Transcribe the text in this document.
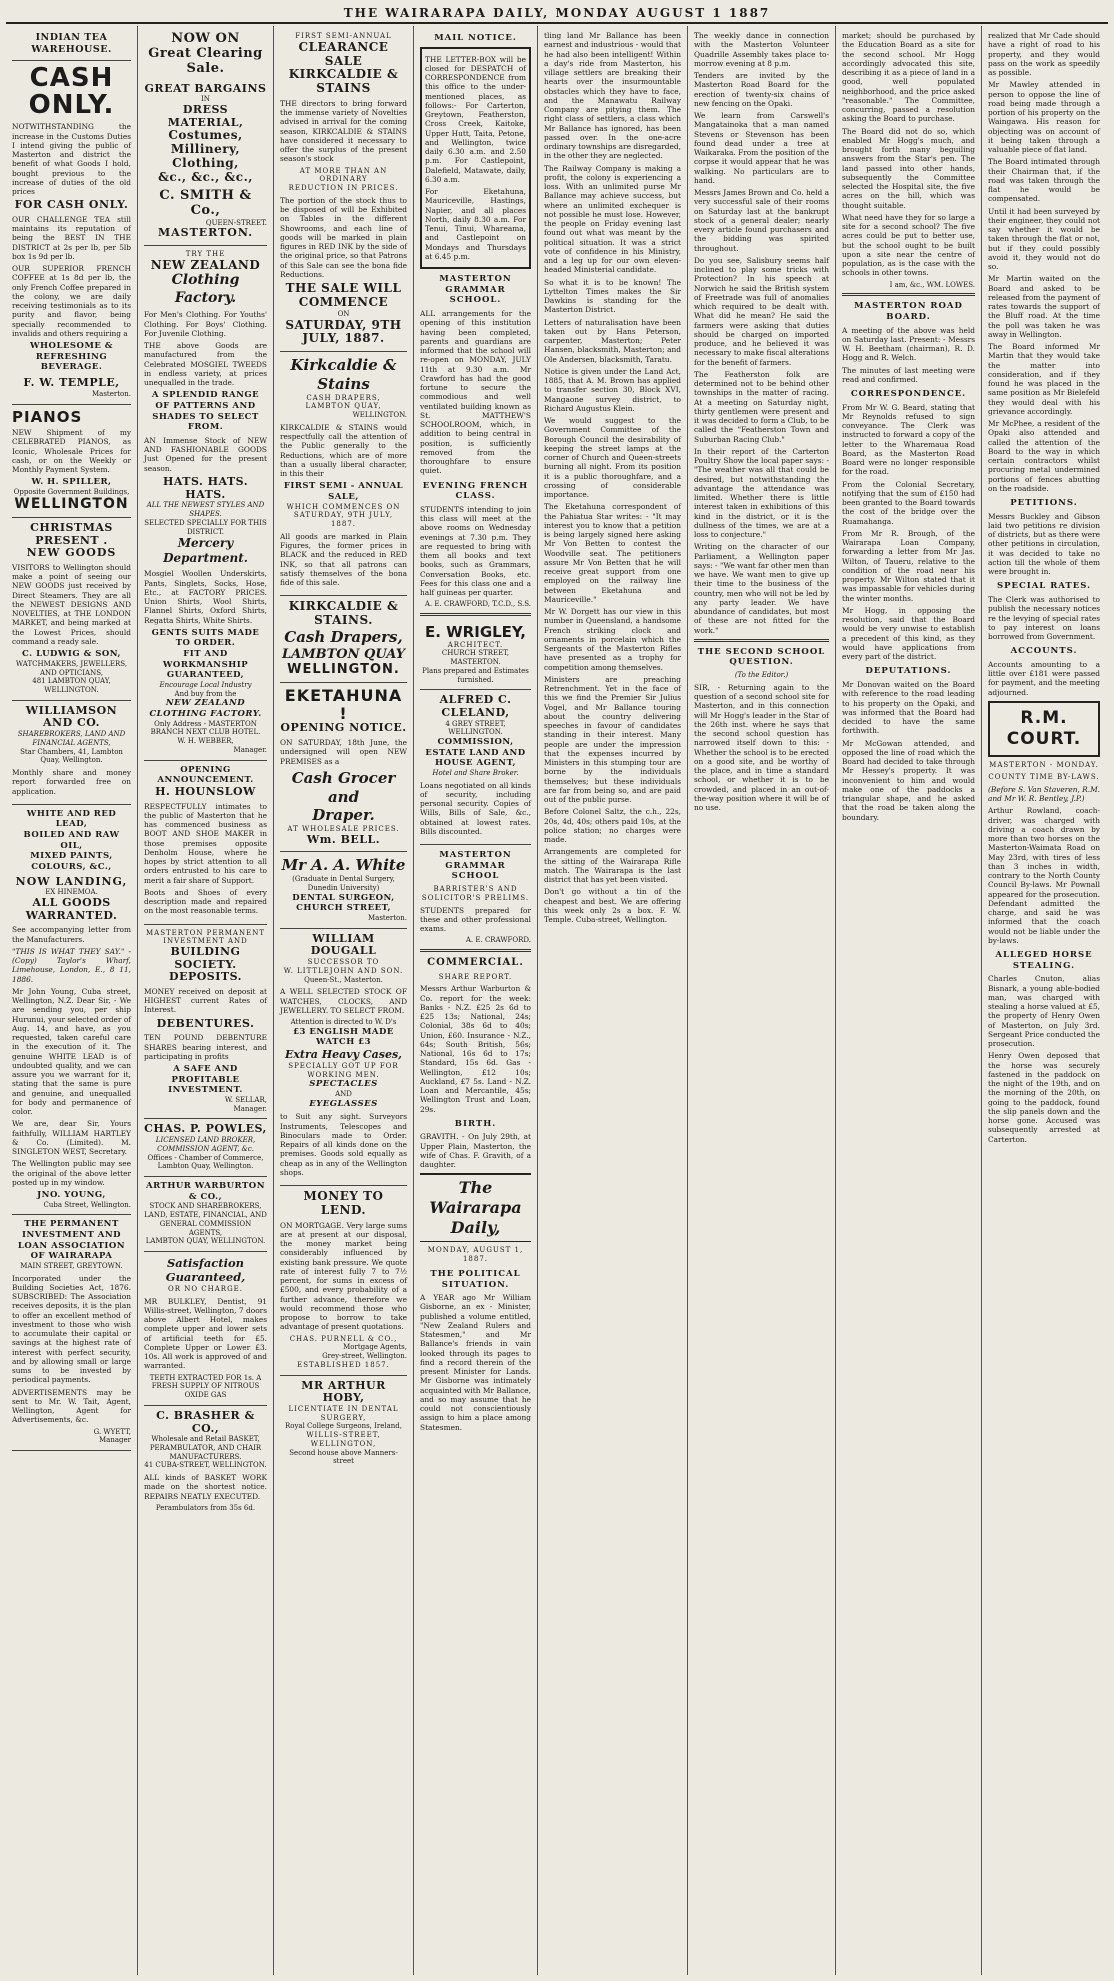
THE WAIRARAPA DAILY, MONDAY AUGUST 1 1887
INDIAN TEA WAREHOUSE.
CASH ONLY.
NOTWITHSTANDING the increase in the Customs Duties I intend giving the public of Masterton and district the benefit of what Goods I hold, bought previous to the increase of duties of the old prices
FOR CASH ONLY.
OUR CHALLENGE TEA still maintains its reputation of being the BEST IN THE DISTRICT at 2s per lb, per 5lb box 1s 9d per lb.
OUR SUPERIOR FRENCH COFFEE at 1s 8d per lb, the only French Coffee prepared in the colony, we are daily receiving testimonials as to its purity and flavor, being specially recommended to invalids and others requiring a
WHOLESOME & REFRESHING BEVERAGE.
F. W. TEMPLE,
Masterton.
PIANOS
NEW Shipment of my CELEBRATED PIANOS, as Iconic, Wholesale Prices for cash, or on the Weekly or Monthly Payment System.
W. H. SPILLER,
Opposite Government Buildings,
WELLINGTON
CHRISTMAS PRESENT .
NEW GOODS
VISITORS to Wellington should make a point of seeing our NEW GOODS just received by Direct Steamers. They are all the NEWEST DESIGNS AND NOVELTIES, at THE LONDON MARKET, and being marked at the Lowest Prices, should command a ready sale.
C. LUDWIG & SON,
WATCHMAKERS, JEWELLERS, AND OPTICIANS,
481 LAMBTON QUAY, WELLINGTON.
WILLIAMSON AND CO.
SHAREBROKERS, LAND AND FINANCIAL AGENTS,
Star Chambers, 41, Lambton Quay, Wellington.
Monthly share and money report forwarded free on application.
WHITE AND RED LEAD,
BOILED AND RAW OIL,
MIXED PAINTS, COLOURS, &C.,
NOW LANDING,
EX HINEMOA.
ALL GOODS WARRANTED.
See accompanying letter from the Manufacturers.
"THIS IS WHAT THEY SAY." - (Copy) Taylor's Wharf, Limehouse, London, E., 8 11, 1886.
Mr John Young, Cuba street, Wellington, N.Z. Dear Sir, - We are sending you, per ship Hurunui, your selected order of Aug. 14, and have, as you requested, taken careful care in the execution of it. The genuine WHITE LEAD is of undoubted quality, and we can assure you we warrant for it, stating that the same is pure and genuine, and unequalled for body and permanence of color.
We are, dear Sir, Yours faithfully, WILLIAM HARTLEY & Co. (Limited). M. SINGLETON WEST, Secretary.
The Wellington public may see the original of the above letter posted up in my window.
JNO. YOUNG,
Cuba Street, Wellington.
THE PERMANENT INVESTMENT AND LOAN ASSOCIATION OF WAIRARAPA
MAIN STREET, GREYTOWN.
Incorporated under the Building Societies Act, 1876. SUBSCRIBED: The Association receives deposits, it is the plan to offer an excellent method of investment to those who wish to accumulate their capital or savings at the highest rate of interest with perfect security, and by allowing small or large sums to be invested by periodical payments.
ADVERTISEMENTS may be sent to Mr. W. Tait, Agent, Wellington, Agent for Advertisements, &c.
G. WYETT,
Manager
NOW ON
Great Clearing Sale.
GREAT BARGAINS
IN
DRESS MATERIAL,
Costumes,
Millinery,
Clothing,
&c., &c., &c.,
C. SMITH & Co.,
QUEEN-STREET.
MASTERTON.
TRY THE
NEW ZEALAND
Clothing Factory.
For Men's Clothing. For Youths' Clothing. For Boys' Clothing. For Juvenile Clothing.
THE above Goods are manufactured from the Celebrated MOSGIEL TWEEDS in endless variety, at prices unequalled in the trade.
A SPLENDID RANGE OF PATTERNS AND SHADES TO SELECT FROM.
AN Immense Stock of NEW AND FASHIONABLE GOODS Just Opened for the present season.
HATS. HATS. HATS.
ALL THE NEWEST STYLES AND SHAPES.
SELECTED SPECIALLY FOR THIS DISTRICT.
Mercery Department.
Mosgiel Woollen Underskirts, Pants, Singlets, Socks, Hose, Etc., at FACTORY PRICES. Union Shirts, Wool Shirts, Flannel Shirts, Oxford Shirts, Regatta Shirts, White Shirts.
GENTS SUITS MADE TO ORDER.
FIT AND WORKMANSHIP GUARANTEED,
Encourage Local Industry
And buy from the
NEW ZEALAND CLOTHING FACTORY.
Only Address - MASTERTON BRANCH NEXT CLUB HOTEL.
W. H. WEBBER,
Manager.
OPENING ANNOUNCEMENT.
H. HOUNSLOW
RESPECTFULLY intimates to the public of Masterton that he has commenced business as BOOT AND SHOE MAKER in those premises opposite Denholm House, where he hopes by strict attention to all orders entrusted to his care to merit a fair share of Support.
Boots and Shoes of every description made and repaired on the most reasonable terms.
MASTERTON PERMANENT INVESTMENT AND
BUILDING SOCIETY.
DEPOSITS.
MONEY received on deposit at HIGHEST current Rates of Interest.
DEBENTURES.
TEN POUND DEBENTURE SHARES bearing interest, and participating in profits
A SAFE AND PROFITABLE INVESTMENT.
W. SELLAR,
Manager.
CHAS. P. POWLES,
LICENSED LAND BROKER, COMMISSION AGENT, &c.
Offices - Chamber of Commerce, Lambton Quay, Wellington.
ARTHUR WARBURTON & CO.,
STOCK AND SHAREBROKERS, LAND, ESTATE, FINANCIAL, AND GENERAL COMMISSION AGENTS,
LAMBTON QUAY, WELLINGTON.
Satisfaction Guaranteed,
OR NO CHARGE.
MR BULKLEY, Dentist, 91 Willis-street, Wellington, 7 doors above Albert Hotel, makes complete upper and lower sets of artificial teeth for £5. Complete Upper or Lower £3. 10s. All work is approved of and warranted.
TEETH EXTRACTED FOR 1s. A FRESH SUPPLY OF NITROUS OXIDE GAS
C. BRASHER & CO.,
Wholesale and Retail BASKET, PERAMBULATOR, AND CHAIR MANUFACTURERS.
41 CUBA-STREET, WELLINGTON.
ALL kinds of BASKET WORK made on the shortest notice. REPAIRS NEATLY EXECUTED.
Perambulators from 35s 6d.
FIRST SEMI-ANNUAL
CLEARANCE SALE
KIRKCALDIE & STAINS
THE directors to bring forward the immense variety of Novelties advised in arrival for the coming season, KIRKCALDIE & STAINS have considered it necessary to offer the surplus of the present season's stock
AT MORE THAN AN ORDINARY
REDUCTION IN PRICES.
The portion of the stock thus to be disposed of will be Exhibited on Tables in the different Showrooms, and each line of goods will be marked in plain figures in RED INK by the side of the original price, so that Patrons of this Sale can see the bona fide Reductions.
THE SALE WILL COMMENCE
ON
SATURDAY, 9TH JULY, 1887.
Kirkcaldie & Stains
CASH DRAPERS,
LAMBTON QUAY,
WELLINGTON.
KIRKCALDIE & STAINS would respectfully call the attention of the Public generally to the Reductions, which are of more than a usually liberal character, in this their
FIRST SEMI - ANNUAL SALE,
WHICH COMMENCES ON
SATURDAY, 9TH JULY, 1887.
All goods are marked in Plain Figures, the former prices in BLACK and the reduced in RED INK, so that all patrons can satisfy themselves of the bona fide of this sale.
KIRKCALDIE & STAINS.
Cash Drapers,
LAMBTON QUAY
WELLINGTON.
EKETAHUNA !
OPENING NOTICE.
ON SATURDAY, 18th June, the undersigned will open NEW PREMISES as a
Cash Grocer and
Draper.
AT WHOLESALE PRICES.
Wm. BELL.
Mr A. A. White
(Graduate in Dental Surgery, Dunedin University)
DENTAL SURGEON,
CHURCH STREET,
Masterton.
WILLIAM DOUGALL
SUCCESSOR TO
W. LITTLEJOHN AND SON.
Queen-St., Masterton.
A WELL SELECTED STOCK OF WATCHES, CLOCKS, AND JEWELLERY. TO SELECT FROM.
Attention is directed to W. D's
£3 ENGLISH MADE WATCH £3
Extra Heavy Cases,
SPECIALLY GOT UP FOR WORKING MEN.
SPECTACLES
AND
EYEGLASSES
to Suit any sight. Surveyors Instruments, Telescopes and Binoculars made to Order. Repairs of all kinds done on the premises. Goods sold equally as cheap as in any of the Wellington shops.
MONEY TO LEND.
ON MORTGAGE. Very large sums are at present at our disposal, the money market being considerably influenced by existing bank pressure. We quote rate of interest fully 7 to 7½ percent, for sums in excess of £500, and every probability of a further advance, therefore we would recommend those who propose to borrow to take advantage of present quotations.
CHAS. PURNELL & CO.,
Mortgage Agents,
Grey-street, Wellington.
ESTABLISHED 1857.
MR ARTHUR HOBY,
LICENTIATE IN DENTAL SURGERY,
Royal College Surgeons, Ireland,
WILLIS-STREET, WELLINGTON,
Second house above Manners-street
MAIL NOTICE.
THE LETTER-BOX will be closed for DESPATCH of CORRESPONDENCE from this office to the under-mentioned places, as follows:- For Carterton, Greytown, Featherston, Cross Creek, Kaitoke, Upper Hutt, Taita, Petone, and Wellington, twice daily 6.30 a.m. and 2.50 p.m. For Castlepoint, Dalefield, Matawate, daily, 6.30 a.m.
For Eketahuna, Mauriceville, Hastings, Napier, and all places North, daily 8.30 a.m. For Tenui, Tinui, Whareama, and Castlepoint on Mondays and Thursdays at 6.45 p.m.
MASTERTON GRAMMAR SCHOOL.
ALL arrangements for the opening of this institution having been completed, parents and guardians are informed that the school will re-open on MONDAY, JULY 11th at 9.30 a.m. Mr Crawford has had the good fortune to secure the commodious and well ventilated building known as St. MATTHEW'S SCHOOLROOM, which, in addition to being central in position, is sufficiently removed from the thoroughfare to ensure quiet.
EVENING FRENCH CLASS.
STUDENTS intending to join this class will meet at the above rooms on Wednesday evenings at 7.30 p.m. They are requested to bring with them all books and text books, such as Grammars, Conversation Books, etc. Fees for this class one and a half guineas per quarter.
A. E. CRAWFORD, T.C.D., S.S.
E. WRIGLEY,
ARCHITECT.
CHURCH STREET, MASTERTON.
Plans prepared and Estimates furnished.
ALFRED C. CLELAND,
4 GREY STREET, WELLINGTON.
COMMISSION, ESTATE LAND AND HOUSE AGENT,
Hotel and Share Broker.
Loans negotiated on all kinds of security, including personal security. Copies of Wills, Bills of Sale, &c., obtained at lowest rates. Bills discounted.
MASTERTON GRAMMAR SCHOOL
BARRISTER'S AND SOLICITOR'S PRELIMS.
STUDENTS prepared for these and other professional exams.
A. E. CRAWFORD.
COMMERCIAL.
SHARE REPORT.
Messrs Arthur Warburton & Co. report for the week: Banks - N.Z. £25 2s 6d to £25 13s; National, 24s; Colonial, 38s 6d to 40s; Union, £60. Insurance - N.Z., 64s; South British, 56s; National, 16s 6d to 17s; Standard, 15s 6d. Gas - Wellington, £12 10s; Auckland, £7 5s. Land - N.Z. Loan and Mercantile, 45s; Wellington Trust and Loan, 29s.
BIRTH.
GRAVITH. - On July 29th, at Upper Plain, Masterton, the wife of Chas. F. Gravith, of a daughter.
The Wairarapa Daily,
MONDAY, AUGUST 1, 1887.
THE POLITICAL SITUATION.
A YEAR ago Mr William Gisborne, an ex - Minister, published a volume entitled, "New Zealand Rulers and Statesmen," and Mr Ballance's friends in vain looked through its pages to find a record therein of the present Minister for Lands. Mr Gisborne was intimately acquainted with Mr Ballance, and so may assume that he could not conscientiously assign to him a place among Statesmen.
tling land Mr Ballance has been earnest and industrious - would that he had also been intelligent! Within a day's ride from Masterton, his village settlers are breaking their hearts over the insurmountable obstacles which they have to face, and the Manawatu Railway Company are pitying them. The right class of settlers, a class which Mr Ballance has ignored, has been passed over. In the one-acre ordinary townships are disregarded, in the other they are neglected.
The Railway Company is making a profit, the colony is experiencing a loss. With an unlimited purse Mr Ballance may achieve success, but where an unlimited exchequer is not possible he must lose. However, the people on Friday evening last found out what was meant by the political situation. It was a strict vote of confidence in his Ministry, and a leg up for our own eleven-headed Ministerial candidate.
So what it is to be known! The Lyttelton Times makes the Sir Dawkins is standing for the Masterton District.
Letters of naturalisation have been taken out by Hans Peterson, carpenter, Masterton; Peter Hansen, blacksmith, Masterton; and Ole Andersen, blacksmith, Taratu.
Notice is given under the Land Act, 1885, that A. M. Brown has applied to transfer section 30, Block XVI, Mangaone survey district, to Richard Augustus Klein.
We would suggest to the Government Committee of the Borough Council the desirability of keeping the street lamps at the corner of Church and Queen-streets burning all night. From its position it is a public thoroughfare, and a crossing of considerable importance.
The Eketahuna correspondent of the Pahiatua Star writes: - "It may interest you to know that a petition is being largely signed here asking Mr Von Betten to contest the Woodville seat. The petitioners assure Mr Von Betten that he will receive great support from one employed on the railway line between Eketahuna and Mauriceville."
Mr W. Dorgett has our view in this number in Queensland, a handsome French striking clock and ornaments in porcelain which the Sergeants of the Masterton Rifles have presented as a trophy for competition among themselves.
Ministers are preaching Retrenchment. Yet in the face of this we find the Premier Sir Julius Vogel, and Mr Ballance touring about the country delivering speeches in favour of candidates standing in their interest. Many people are under the impression that the expenses incurred by Ministers in this stumping tour are borne by the individuals themselves; but these individuals are far from being so, and are paid out of the public purse.
Before Colonel Saltz, the c.h., 22s, 20s, 4d, 40s; others paid 10s, at the police station; no charges were made.
Arrangements are completed for the sitting of the Wairarapa Rifle match. The Wairarapa is the last district that has yet been visited.
Don't go without a tin of the cheapest and best. We are offering this week only 2s a box. F. W. Temple. Cuba-street, Wellington.
The weekly dance in connection with the Masterton Volunteer Quadrille Assembly takes place to-morrow evening at 8 p.m.
Tenders are invited by the Masterton Road Board for the erection of twenty-six chains of new fencing on the Opaki.
We learn from Carswell's Mangatainoka that a man named Stevens or Stevenson has been found dead under a tree at Waikaraka. From the position of the corpse it would appear that he was walking. No particulars are to hand.
Messrs James Brown and Co. held a very successful sale of their rooms on Saturday last at the bankrupt stock of a general dealer; nearly every article found purchasers and the bidding was spirited throughout.
Do you see, Salisbury seems half inclined to play some tricks with Protection? In his speech at Norwich he said the British system of Freetrade was full of anomalies which required to be dealt with. What did he mean? He said the farmers were asking that duties should be charged on imported produce, and he believed it was necessary to make fiscal alterations for the benefit of farmers.
The Featherston folk are determined not to be behind other townships in the matter of racing. At a meeting on Saturday night, thirty gentlemen were present and it was decided to form a Club, to be called the "Featherston Town and Suburban Racing Club."
In their report of the Carterton Poultry Show the local paper says: - "The weather was all that could be desired, but notwithstanding the advantage the attendance was limited. Whether there is little interest taken in exhibitions of this kind in the district, or it is the dullness of the times, we are at a loss to conjecture."
Writing on the character of our Parliament, a Wellington paper says: - "We want far other men than we have. We want men to give up their time to the business of the country, men who will not be led by any party leader. We have abundance of candidates, but most of these are not fitted for the work."
THE SECOND SCHOOL QUESTION.
(To the Editor.)
SIR, - Returning again to the question of a second school site for Masterton, and in this connection will Mr Hogg's leader in the Star of the 26th inst. where he says that the second school question has narrowed itself down to this: - Whether the school is to be erected on a good site, and be worthy of the place, and in time a standard school, or whether it is to be crowded, and placed in an out-of-the-way position where it will be of no use.
market; should be purchased by the Education Board as a site for the second school. Mr Hogg accordingly advocated this site, describing it as a piece of land in a good, well populated neighborhood, and the price asked "reasonable." The Committee, concurring, passed a resolution asking the Board to purchase.
The Board did not do so, which enabled Mr Hogg's much, and brought forth many beguiling answers from the Star's pen. The land passed into other hands, subsequently the Committee selected the Hospital site, the five acres on the hill, which was thought suitable.
What need have they for so large a site for a second school? The five acres could be put to better use, but the school ought to be built upon a site near the centre of population, as is the case with the schools in other towns.
I am, &c., WM. LOWES.
MASTERTON ROAD BOARD.
A meeting of the above was held on Saturday last. Present: - Messrs W. H. Beetham (chairman), R. D. Hogg and R. Welch.
The minutes of last meeting were read and confirmed.
CORRESPONDENCE.
From Mr W. G. Beard, stating that Mr Reynolds refused to sign conveyance. The Clerk was instructed to forward a copy of the letter to the Wharemaua Road Board, as the Masterton Road Board were no longer responsible for the road.
From the Colonial Secretary, notifying that the sum of £150 had been granted to the Board towards the cost of the bridge over the Ruamahanga.
From Mr R. Brough, of the Wairarapa Loan Company, forwarding a letter from Mr Jas. Wilton, of Taueru, relative to the condition of the road near his property. Mr Wilton stated that it was impassable for vehicles during the winter months.
Mr Hogg, in opposing the resolution, said that the Board would be very unwise to establish a precedent of this kind, as they would have applications from every part of the district.
DEPUTATIONS.
Mr Donovan waited on the Board with reference to the road leading to his property on the Opaki, and was informed that the Board had decided to have the same forthwith.
Mr McGowan attended, and opposed the line of road which the Board had decided to take through Mr Hessey's property. It was inconvenient to him and would make one of the paddocks a triangular shape, and he asked that the road be taken along the boundary.
realized that Mr Cade should have a right of road to his property, and they would pass on the work as speedily as possible.
Mr Mawley attended in person to oppose the line of road being made through a portion of his property on the Waingawa. His reason for objecting was on account of it being taken through a valuable piece of flat land.
The Board intimated through their Chairman that, if the road was taken through the flat he would be compensated.
Until it had been surveyed by their engineer, they could not say whether it would be taken through the flat or not, but if they could possibly avoid it, they would not do so.
Mr Martin waited on the Board and asked to be released from the payment of rates towards the support of the Bluff road. At the time the poll was taken he was away in Wellington.
The Board informed Mr Martin that they would take the matter into consideration, and if they found he was placed in the same position as Mr Bielefeld they would deal with his grievance accordingly.
Mr McPhee, a resident of the Opaki also attended and called the attention of the Board to the way in which certain contractors whilst procuring metal undermined portions of fences abutting on the roadside.
PETITIONS.
Messrs Buckley and Gibson laid two petitions re division of districts, but as there were other petitions in circulation, it was decided to take no action till the whole of them were brought in.
SPECIAL RATES.
The Clerk was authorised to publish the necessary notices re the levying of special rates to pay interest on loans borrowed from Government.
ACCOUNTS.
Accounts amounting to a little over £181 were passed for payment, and the meeting adjourned.
R.M. COURT.
MASTERTON - MONDAY.
COUNTY TIME BY-LAWS.
(Before S. Van Staveren, R.M. and Mr W. R. Bentley, J.P.)
Arthur Rowland, coach-driver, was charged with driving a coach drawn by more than two horses on the Masterton-Waimata Road on May 23rd, with tires of less than 3 inches in width, contrary to the North County Council By-laws. Mr Pownall appeared for the prosecution. Defendant admitted the charge, and said he was informed that the coach would not be liable under the by-laws.
ALLEGED HORSE STEALING.
Charles Cnuton, alias Bisnark, a young able-bodied man, was charged with stealing a horse valued at £5, the property of Henry Owen of Masterton, on July 3rd. Sergeant Price conducted the prosecution.
Henry Owen deposed that the horse was securely fastened in the paddock on the night of the 19th, and on the morning of the 20th, on going to the paddock, found the slip panels down and the horse gone. Accused was subsequently arrested at Carterton.
